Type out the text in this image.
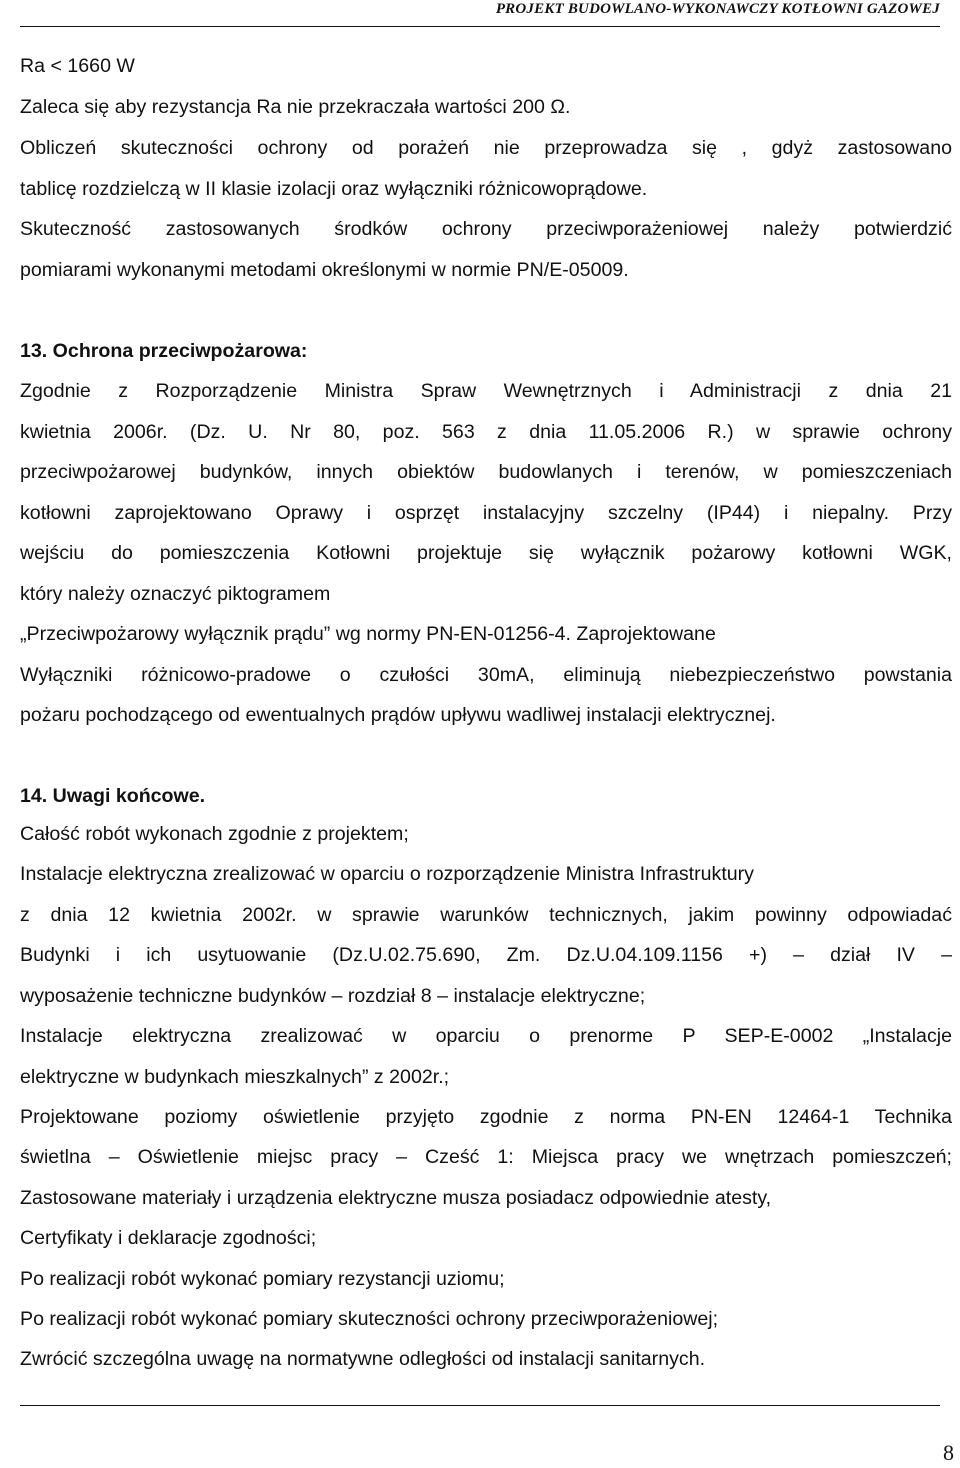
PROJEKT BUDOWLANO-WYKONAWCZY KOTŁOWNI GAZOWEJ
Ra < 1660 W
Zaleca się aby rezystancja Ra nie przekraczała wartości 200 Ω.
Obliczeń skuteczności ochrony od porażeń nie przeprowadza się , gdyż zastosowano
tablicę rozdzielczą w II klasie izolacji oraz wyłączniki różnicowoprądowe.
Skuteczność zastosowanych środków ochrony przeciwporażeniowej należy potwierdzić
pomiarami wykonanymi metodami określonymi w normie PN/E-05009.
13. Ochrona przeciwpożarowa:
Zgodnie z Rozporządzenie Ministra Spraw Wewnętrznych i Administracji z dnia 21
kwietnia 2006r. (Dz. U. Nr 80, poz. 563 z dnia 11.05.2006 R.) w sprawie ochrony
przeciwpożarowej budynków, innych obiektów budowlanych i terenów, w pomieszczeniach
kotłowni zaprojektowano Oprawy i osprzęt instalacyjny szczelny (IP44) i niepalny. Przy
wejściu do pomieszczenia Kotłowni projektuje się wyłącznik pożarowy kotłowni WGK,
który należy oznaczyć piktogramem
„Przeciwpożarowy wyłącznik prądu” wg normy PN-EN-01256-4. Zaprojektowane
Wyłączniki różnicowo-pradowe o czułości 30mA, eliminują niebezpieczeństwo powstania
pożaru pochodzącego od ewentualnych prądów upływu wadliwej instalacji elektrycznej.
14. Uwagi końcowe.
Całość robót wykonach zgodnie z projektem;
Instalacje elektryczna zrealizować w oparciu o rozporządzenie Ministra Infrastruktury
z dnia 12 kwietnia 2002r. w sprawie warunków technicznych, jakim powinny odpowiadać
Budynki i ich usytuowanie (Dz.U.02.75.690, Zm. Dz.U.04.109.1156 +) – dział IV –
wyposażenie techniczne budynków – rozdział 8 – instalacje elektryczne;
Instalacje elektryczna zrealizować w oparciu o prenorme P SEP-E-0002 „Instalacje
elektryczne w budynkach mieszkalnych” z 2002r.;
Projektowane poziomy oświetlenie przyjęto zgodnie z norma PN-EN 12464-1 Technika
świetlna – Oświetlenie miejsc pracy – Cześć 1: Miejsca pracy we wnętrzach pomieszczeń;
Zastosowane materiały i urządzenia elektryczne musza posiadacz odpowiednie atesty,
Certyfikaty i deklaracje zgodności;
Po realizacji robót wykonać pomiary rezystancji uziomu;
Po realizacji robót wykonać pomiary skuteczności ochrony przeciwporażeniowej;
Zwrócić szczególna uwagę na normatywne odległości od instalacji sanitarnych.
8
